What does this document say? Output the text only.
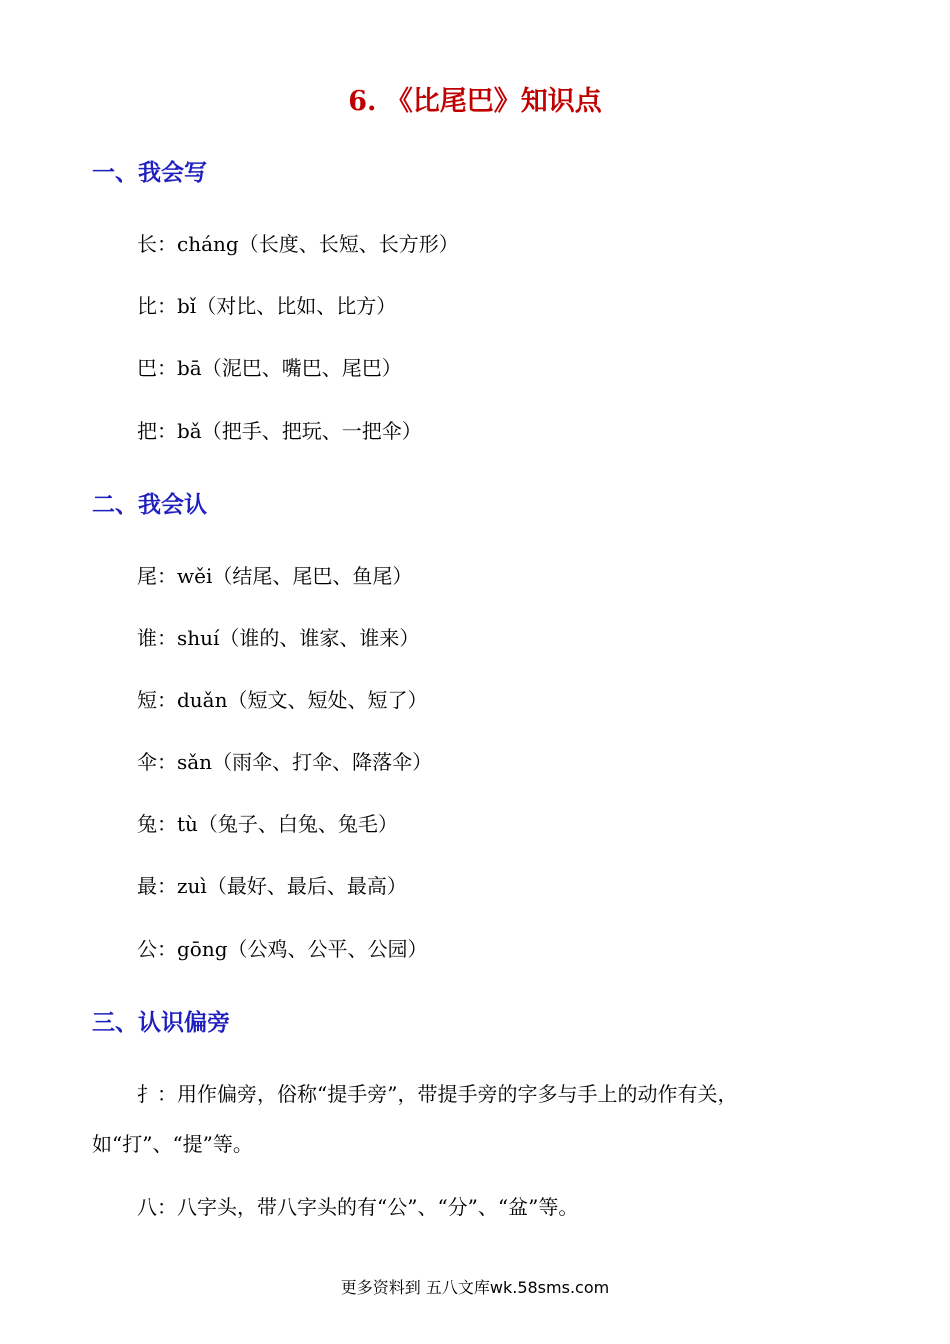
6. 《比尾巴》知识点
一、我会写
长：cháng（长度、长短、长方形）
比：bǐ（对比、比如、比方）
巴：bā（泥巴、嘴巴、尾巴）
把：bǎ（把手、把玩、一把伞）
二、我会认
尾：wěi（结尾、尾巴、鱼尾）
谁：shuí（谁的、谁家、谁来）
短：duǎn（短文、短处、短了）
伞：sǎn（雨伞、打伞、降落伞）
兔：tù（兔子、白兔、兔毛）
最：zuì（最好、最后、最高）
公：gōng（公鸡、公平、公园）
三、认识偏旁
扌：用作偏旁，俗称“提手旁”，带提手旁的字多与手上的动作有关，如“打”、“提”等。
八：八字头，带八字头的有“公”、“分”、“盆”等。
更多资料到 五八文库wk.58sms.com
